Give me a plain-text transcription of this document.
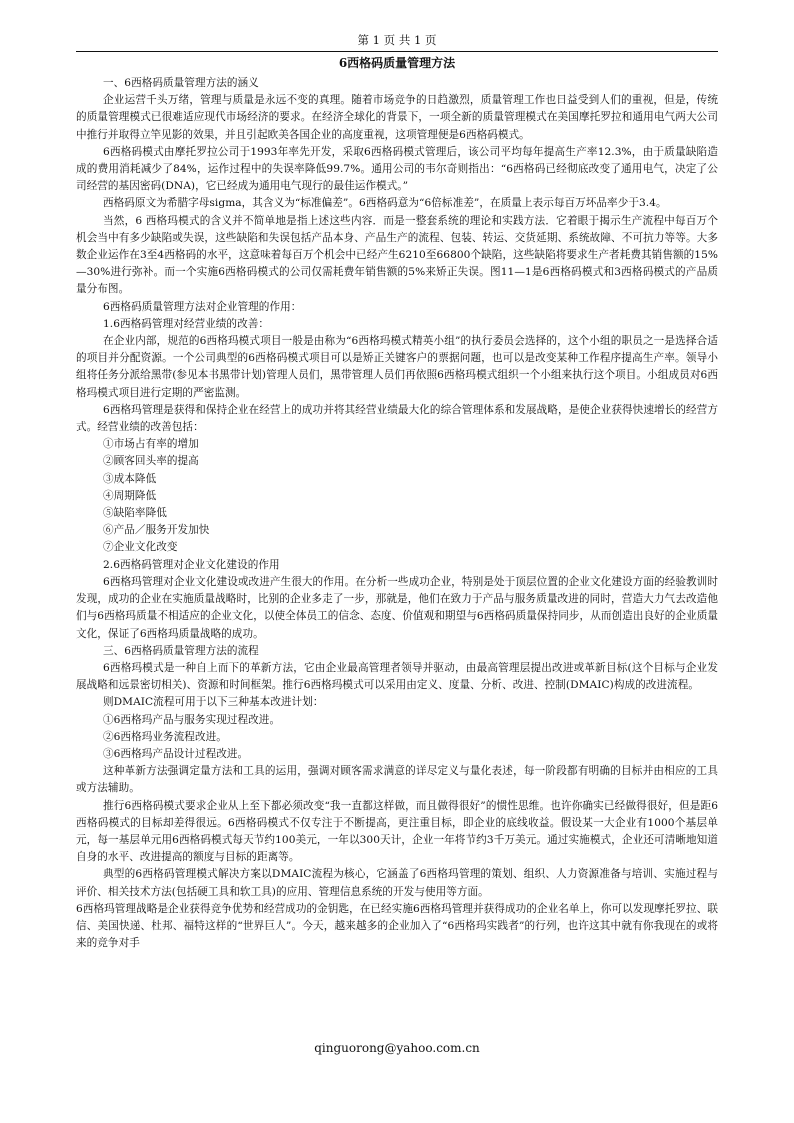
第 1 页 共 1 页
6西格码质量管理方法

一、6西格码质量管理方法的涵义

企业运营千头万绪，管理与质量是永远不变的真理。随着市场竞争的日趋激烈，质量管理工作也日益受到人们的重视，但是，传统的质量管理模式已很难适应现代市场经济的要求。在经济全球化的背景下，一项全新的质量管理模式在美国摩托罗拉和通用电气两大公司中推行并取得立竿见影的效果，并且引起欧美各国企业的高度重视，这项管理便是6西格码模式。

6西格码模式由摩托罗拉公司于1993年率先开发，采取6西格码模式管理后，该公司平均每年提高生产率12.3%，由于质量缺陷造成的费用消耗减少了84%，运作过程中的失误率降低99.7%。通用公司的韦尔奇则指出：“6西格码已经彻底改变了通用电气，决定了公司经营的基因密码(DNA)，它已经成为通用电气现行的最佳运作模式。”

西格码原文为希腊字母sigma，其含义为“标准偏差”。6西格码意为“6倍标准差”，在质量上表示每百万坏品率少于3.4。

当然，6 西格玛模式的含义并不简单地是指上述这些内容．而是一整套系统的理论和实践方法．它着眼于揭示生产流程中每百万个机会当中有多少缺陷或失误，这些缺陷和失误包括产品本身、产品生产的流程、包装、转运、交货延期、系统故障、不可抗力等等。大多数企业运作在3至4西格码的水平，这意味着每百万个机会中已经产生6210至66800个缺陷，这些缺陷将要求生产者耗费其销售额的15%—30%进行弥补。而一个实施6西格码模式的公司仅需耗费年销售额的5%来矫正失误。图11—1是6西格码模式和3西格码模式的产品质量分布图。

6西格码质量管理方法对企业管理的作用：

1.6西格码管理对经营业绩的改善：

在企业内部，规范的6西格玛模式项目一般是由称为“6西格玛模式精英小组”的执行委员会选择的，这个小组的职员之一是选择合适的项目并分配资源。一个公司典型的6西格码模式项目可以是矫正关键客户的票据问题，也可以是改变某种工作程序提高生产率。领导小组将任务分派给黑带(参见本书黑带计划)管理人员们，黑带管理人员们再依照6西格玛模式组织一个小组来执行这个项目。小组成员对6西格玛模式项目进行定期的严密监测。

6西格玛管理是获得和保持企业在经营上的成功并将其经营业绩最大化的综合管理体系和发展战略，是使企业获得快速增长的经营方式。经营业绩的改善包括：

①市场占有率的增加

②顾客回头率的提高

③成本降低

④周期降低

⑤缺陷率降低

⑥产品／服务开发加快

⑦企业文化改变

2.6西格码管理对企业文化建设的作用

6西格玛管理对企业文化建设或改进产生很大的作用。在分析一些成功企业，特别是处于顶层位置的企业文化建设方面的经验教训时发现，成功的企业在实施质量战略时，比别的企业多走了一步，那就是，他们在致力于产品与服务质量改进的同时，营造大力气去改造他们与6西格玛质量不相适应的企业文化，以使全体员工的信念、态度、价值观和期望与6西格码质量保持同步，从而创造出良好的企业质量文化，保证了6西格玛质量战略的成功。

三、6西格码质量管理方法的流程

6西格玛模式是一种自上而下的革新方法，它由企业最高管理者领导并驱动，由最高管理层提出改进或革新目标(这个目标与企业发展战略和远景密切相关)、资源和时间框架。推行6西格玛模式可以采用由定义、度量、分析、改进、控制(DMAIC)构成的改进流程。

则DMAIC流程可用于以下三种基本改进计划：

①6西格玛产品与服务实现过程改进。

②6西格玛业务流程改进。

③6西格玛产品设计过程改进。

这种革新方法强调定量方法和工具的运用，强调对顾客需求满意的详尽定义与量化表述，每一阶段都有明确的目标并由相应的工具或方法辅助。

推行6西格码模式要求企业从上至下都必须改变“我一直都这样做，而且做得很好”的惯性思维。也许你确实已经做得很好，但是距6西格码模式的目标却差得很远。6西格码模式不仅专注于不断提高，更注重目标，即企业的底线收益。假设某一大企业有1000个基层单元，每一基层单元用6西格码模式每天节约100美元，一年以300天计，企业一年将节约3千万美元。通过实施模式，企业还可清晰地知道自身的水平、改进提高的额度与目标的距离等。

典型的6西格码管理模式解决方案以DMAIC流程为核心，它涵盖了6西格玛管理的策划、组织、人力资源准备与培训、实施过程与评价、相关技术方法(包括硬工具和软工具)的应用、管理信息系统的开发与使用等方面。

6西格玛管理战略是企业获得竞争优势和经营成功的金钥匙，在已经实施6西格玛管理并获得成功的企业名单上，你可以发现摩托罗拉、联信、美国快递、杜邦、福特这样的“世界巨人”。今天，越来越多的企业加入了“6西格玛实践者”的行列，也许这其中就有你我现在的或将来的竞争对手

qinguorong@yahoo.com.cn
